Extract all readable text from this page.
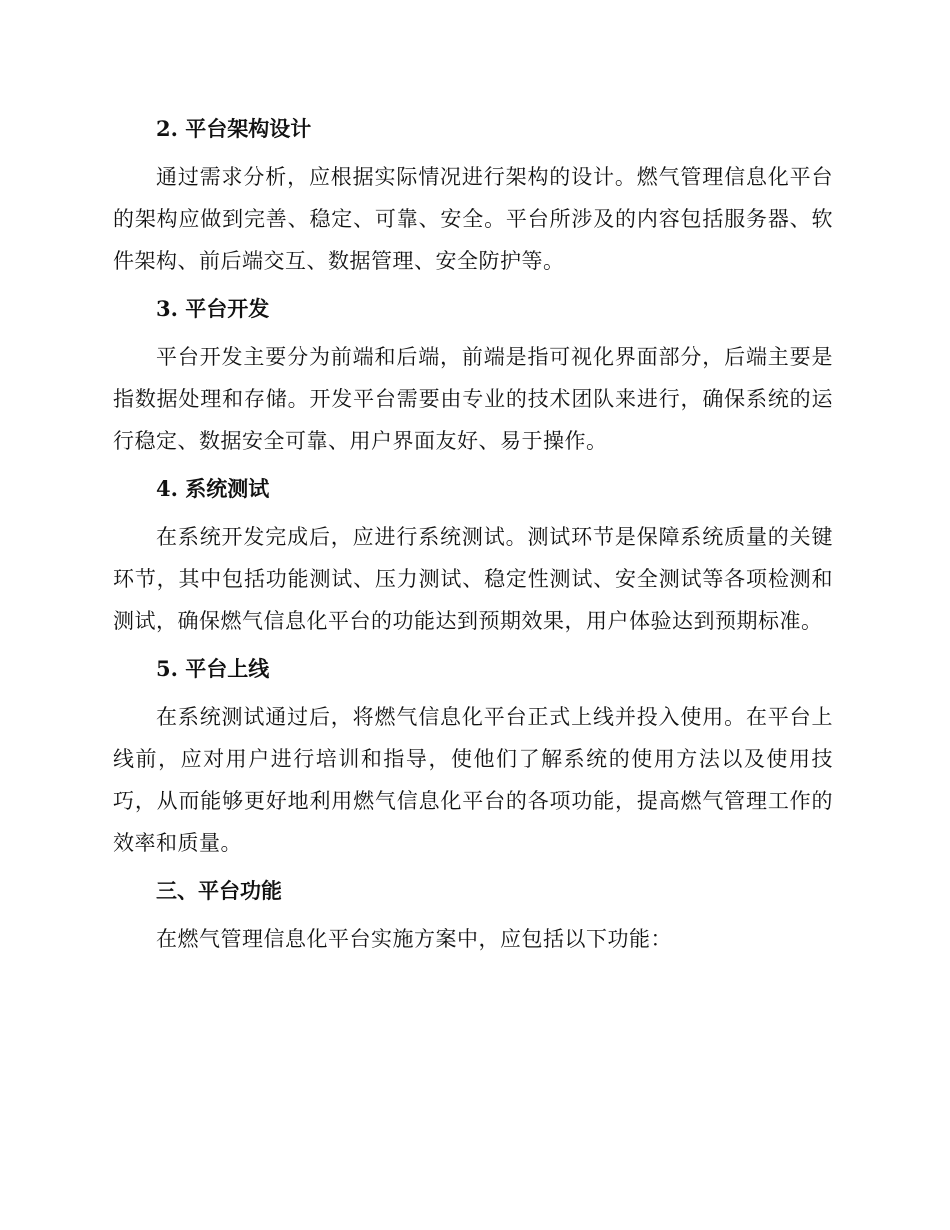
2. 平台架构设计

通过需求分析，应根据实际情况进行架构的设计。燃气管理信息化平台的架构应做到完善、稳定、可靠、安全。平台所涉及的内容包括服务器、软件架构、前后端交互、数据管理、安全防护等。

3. 平台开发

平台开发主要分为前端和后端，前端是指可视化界面部分，后端主要是指数据处理和存储。开发平台需要由专业的技术团队来进行，确保系统的运行稳定、数据安全可靠、用户界面友好、易于操作。

4. 系统测试

在系统开发完成后，应进行系统测试。测试环节是保障系统质量的关键环节，其中包括功能测试、压力测试、稳定性测试、安全测试等各项检测和测试，确保燃气信息化平台的功能达到预期效果，用户体验达到预期标准。

5. 平台上线

在系统测试通过后，将燃气信息化平台正式上线并投入使用。在平台上线前，应对用户进行培训和指导，使他们了解系统的使用方法以及使用技巧，从而能够更好地利用燃气信息化平台的各项功能，提高燃气管理工作的效率和质量。

三、平台功能

在燃气管理信息化平台实施方案中，应包括以下功能：
